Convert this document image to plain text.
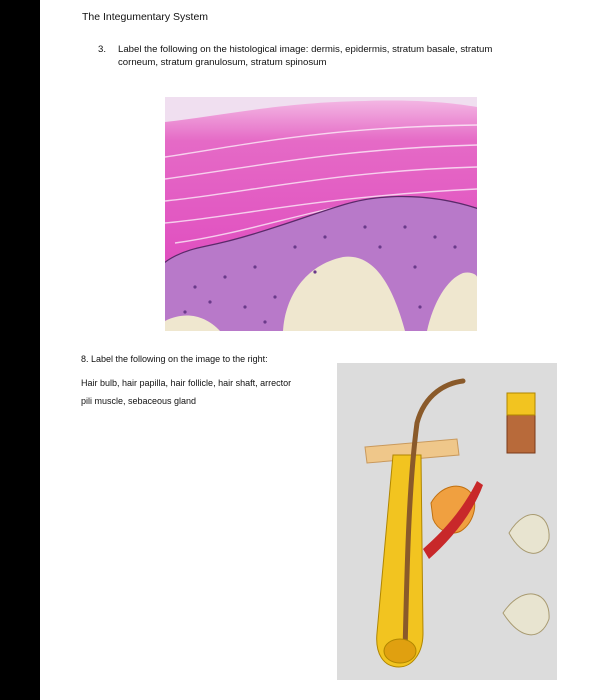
The Integumentary System
3. Label the following on the histological image: dermis, epidermis, stratum basale, stratum corneum, stratum granulosum, stratum spinosum
8. Label the following on the image to the right:
Hair bulb, hair papilla, hair follicle, hair shaft, arrector
pili muscle, sebaceous gland
